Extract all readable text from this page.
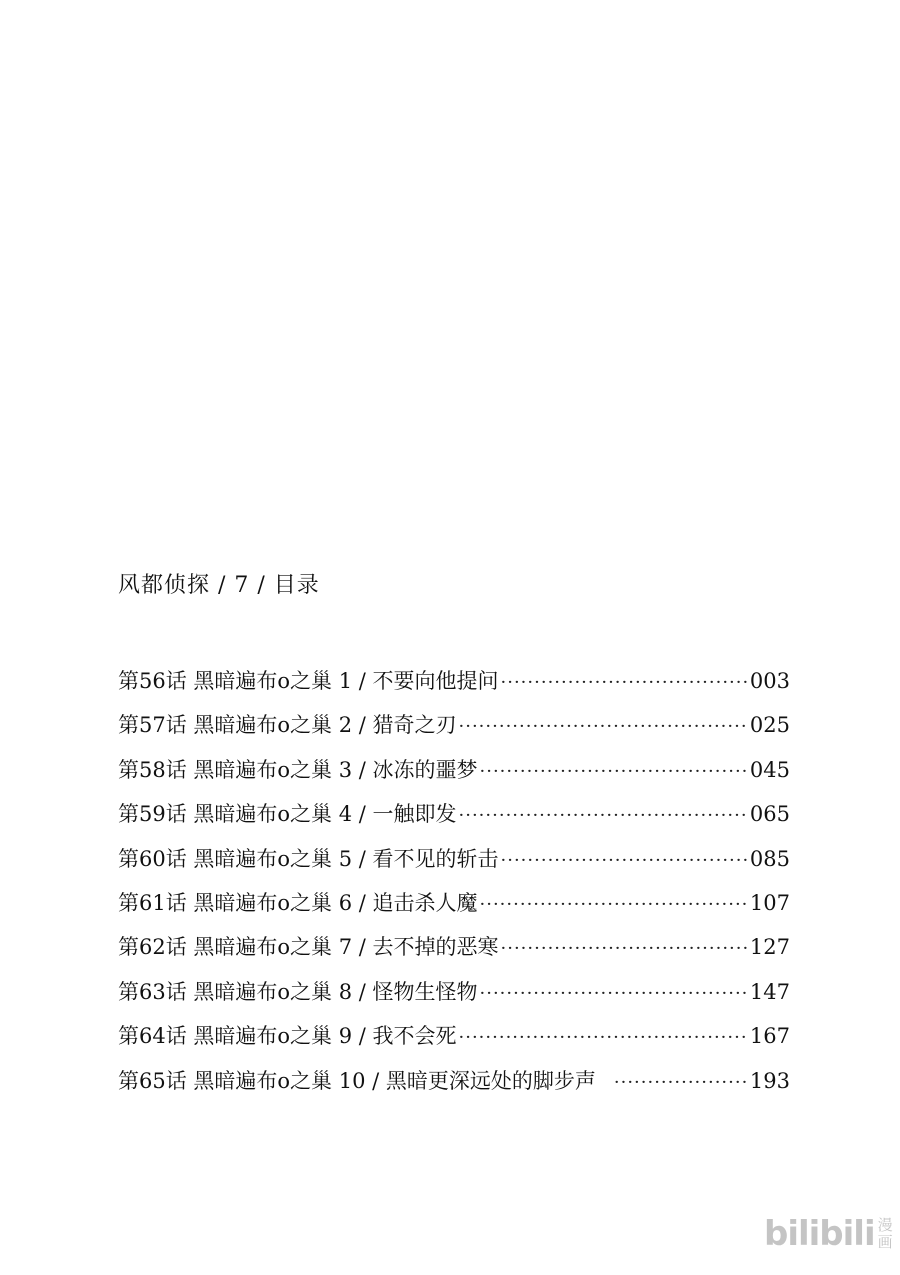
风都侦探 / 7 / 目录
第56话 黑暗遍布o之巢 1 / 不要向他提问 ·····	003
第57话 黑暗遍布o之巢 2 / 猎奇之刃 ·····	025
第58话 黑暗遍布o之巢 3 / 冰冻的噩梦 ·····	045
第59话 黑暗遍布o之巢 4 / 一触即发 ·····	065
第60话 黑暗遍布o之巢 5 / 看不见的斩击 ·····	085
第61话 黑暗遍布o之巢 6 / 追击杀人魔 ·····	107
第62话 黑暗遍布o之巢 7 / 去不掉的恶寒 ·····	127
第63话 黑暗遍布o之巢 8 / 怪物生怪物 ·····	147
第64话 黑暗遍布o之巢 9 / 我不会死 ·····	167
第65话 黑暗遍布o之巢 10 / 黑暗更深远处的脚步声 ·····	193
bilibili 漫
画
